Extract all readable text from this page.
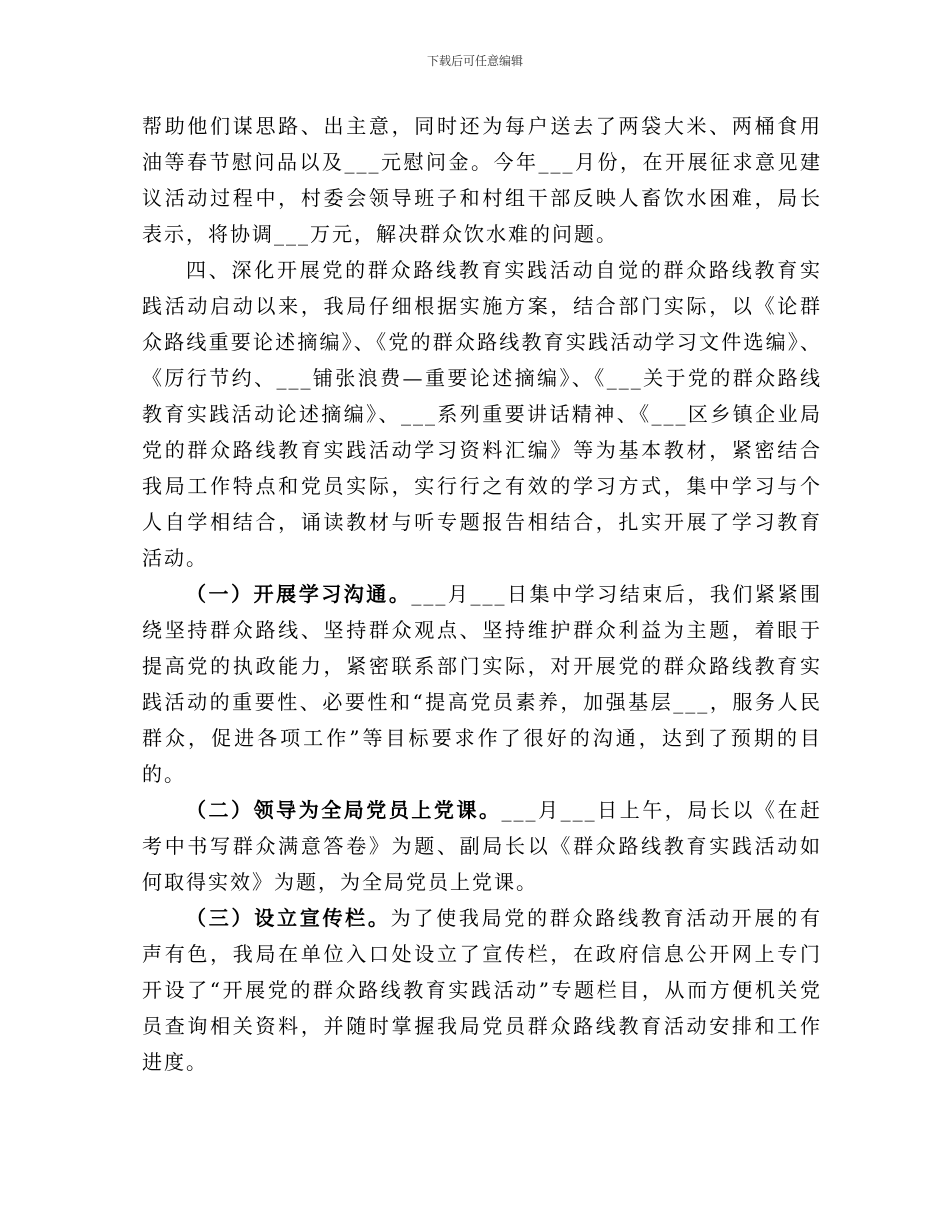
下载后可任意编辑

帮助他们谋思路、出主意，同时还为每户送去了两袋大米、两桶食用油等春节慰问品以及___元慰问金。今年___月份，在开展征求意见建议活动过程中，村委会领导班子和村组干部反映人畜饮水困难，局长表示，将协调___万元，解决群众饮水难的问题。

四、深化开展党的群众路线教育实践活动自觉的群众路线教育实践活动启动以来，我局仔细根据实施方案，结合部门实际，以《论群众路线重要论述摘编》、《党的群众路线教育实践活动学习文件选编》、《厉行节约、___铺张浪费—重要论述摘编》、《___关于党的群众路线教育实践活动论述摘编》、___系列重要讲话精神、《___区乡镇企业局党的群众路线教育实践活动学习资料汇编》等为基本教材，紧密结合我局工作特点和党员实际，实行行之有效的学习方式，集中学习与个人自学相结合，诵读教材与听专题报告相结合，扎实开展了学习教育活动。

（一）开展学习沟通。___月___日集中学习结束后，我们紧紧围绕坚持群众路线、坚持群众观点、坚持维护群众利益为主题，着眼于提高党的执政能力，紧密联系部门实际，对开展党的群众路线教育实践活动的重要性、必要性和“提高党员素养，加强基层___，服务人民群众，促进各项工作”等目标要求作了很好的沟通，达到了预期的目的。

（二）领导为全局党员上党课。___月___日上午，局长以《在赶考中书写群众满意答卷》为题、副局长以《群众路线教育实践活动如何取得实效》为题，为全局党员上党课。

（三）设立宣传栏。为了使我局党的群众路线教育活动开展的有声有色，我局在单位入口处设立了宣传栏，在政府信息公开网上专门开设了“开展党的群众路线教育实践活动”专题栏目，从而方便机关党员查询相关资料，并随时掌握我局党员群众路线教育活动安排和工作进度。
